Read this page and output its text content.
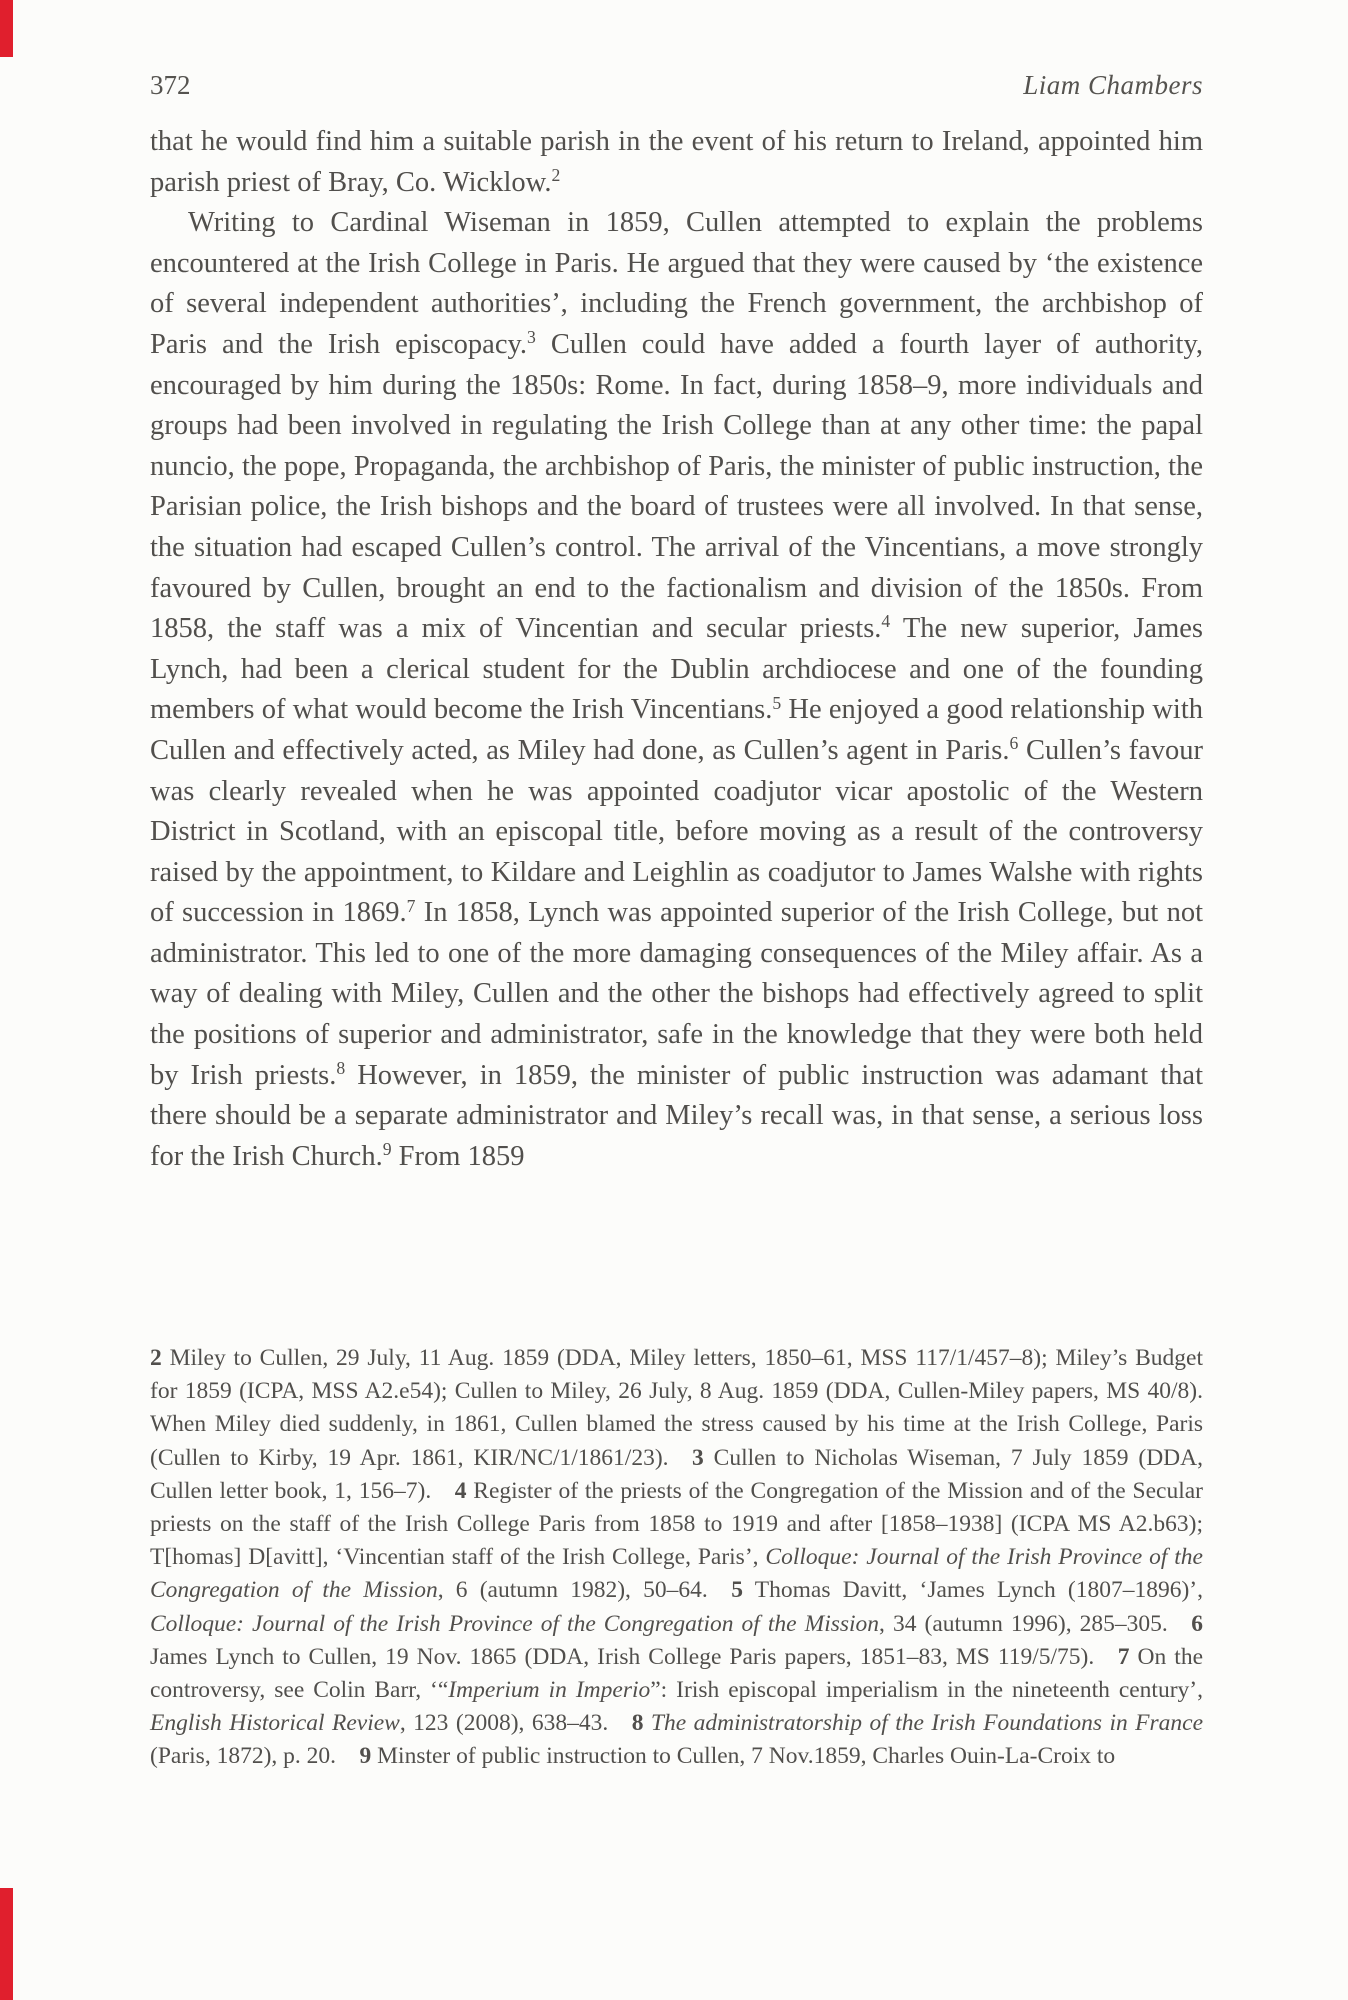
372	Liam Chambers

that he would find him a suitable parish in the event of his return to Ireland, appointed him parish priest of Bray, Co. Wicklow.$^2$

Writing to Cardinal Wiseman in 1859, Cullen attempted to explain the problems encountered at the Irish College in Paris. He argued that they were caused by ‘the existence of several independent authorities’, including the French government, the archbishop of Paris and the Irish episcopacy.$^3$ Cullen could have added a fourth layer of authority, encouraged by him during the 1850s: Rome. In fact, during 1858–9, more individuals and groups had been involved in regulating the Irish College than at any other time: the papal nuncio, the pope, Propaganda, the archbishop of Paris, the minister of public instruction, the Parisian police, the Irish bishops and the board of trustees were all involved. In that sense, the situation had escaped Cullen’s control. The arrival of the Vincentians, a move strongly favoured by Cullen, brought an end to the factionalism and division of the 1850s. From 1858, the staff was a mix of Vincentian and secular priests.$^4$ The new superior, James Lynch, had been a clerical student for the Dublin archdiocese and one of the founding members of what would become the Irish Vincentians.$^5$ He enjoyed a good relationship with Cullen and effectively acted, as Miley had done, as Cullen’s agent in Paris.$^6$ Cullen’s favour was clearly revealed when he was appointed coadjutor vicar apostolic of the Western District in Scotland, with an episcopal title, before moving as a result of the controversy raised by the appointment, to Kildare and Leighlin as coadjutor to James Walshe with rights of succession in 1869.$^7$ In 1858, Lynch was appointed superior of the Irish College, but not administrator. This led to one of the more damaging consequences of the Miley affair. As a way of dealing with Miley, Cullen and the other the bishops had effectively agreed to split the positions of superior and administrator, safe in the knowledge that they were both held by Irish priests.$^8$ However, in 1859, the minister of public instruction was adamant that there should be a separate administrator and Miley’s recall was, in that sense, a serious loss for the Irish Church.$^9$ From 1859

2 Miley to Cullen, 29 July, 11 Aug. 1859 (DDA, Miley letters, 1850–61, MSS 117/1/457–8); Miley’s Budget for 1859 (ICPA, MSS A2.e54); Cullen to Miley, 26 July, 8 Aug. 1859 (DDA, Cullen-Miley papers, MS 40/8). When Miley died suddenly, in 1861, Cullen blamed the stress caused by his time at the Irish College, Paris (Cullen to Kirby, 19 Apr. 1861, KIR/NC/1/1861/23).  3 Cullen to Nicholas Wiseman, 7 July 1859 (DDA, Cullen letter book, 1, 156–7).  4 Register of the priests of the Congregation of the Mission and of the Secular priests on the staff of the Irish College Paris from 1858 to 1919 and after [1858–1938] (ICPA MS A2.b63); T[homas] D[avitt], ‘Vincentian staff of the Irish College, Paris’, Colloque: Journal of the Irish Province of the Congregation of the Mission, 6 (autumn 1982), 50–64.  5 Thomas Davitt, ‘James Lynch (1807–1896)’, Colloque: Journal of the Irish Province of the Congregation of the Mission, 34 (autumn 1996), 285–305.  6 James Lynch to Cullen, 19 Nov. 1865 (DDA, Irish College Paris papers, 1851–83, MS 119/5/75).  7 On the controversy, see Colin Barr, ‘“Imperium in Imperio”: Irish episcopal imperialism in the nineteenth century’, English Historical Review, 123 (2008), 638–43.  8 The administratorship of the Irish Foundations in France (Paris, 1872), p. 20.  9 Minster of public instruction to Cullen, 7 Nov.1859, Charles Ouin-La-Croix to
